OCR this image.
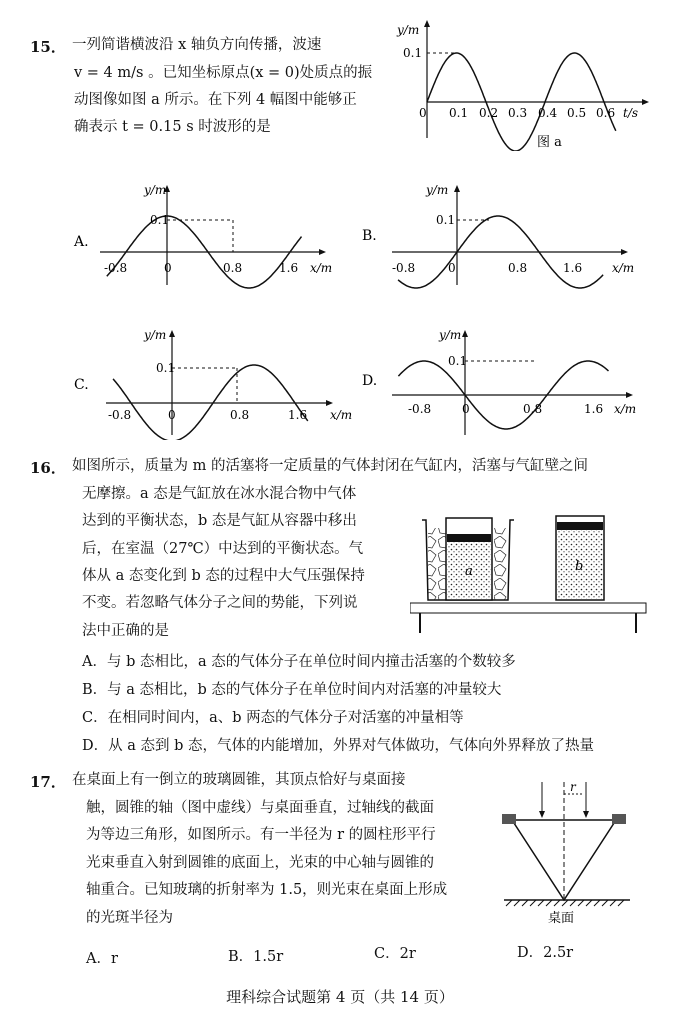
15． 一列简谐横波沿 x 轴负方向传播，波速
v = 4 m/s 。已知坐标原点(x = 0)处质点的振
动图像如图 a 所示。在下列 4 幅图中能够正
确表示 t = 0.15 s 时波形的是
y/m
0.1
0 0.1 0.2 0.3 0.4 0.5 0.6 t/s
图 a
A.
y/m
0.1
-0.8	0	0.8	1.6 x/m
B.
y/m
0.1
-0.8	0	0.8	1.6 x/m
C.
y/m
0.1
-0.8	0	0.8	1.6 x/m
D.
y/m
0.1
-0.8	0	0.8	1.6 x/m
16． 如图所示，质量为 m 的活塞将一定质量的气体封闭在气缸内，活塞与气缸壁之间
无摩擦。a 态是气缸放在冰水混合物中气体
达到的平衡状态，b 态是气缸从容器中移出
后，在室温（27℃）中达到的平衡状态。气
体从 a 态变化到 b 态的过程中大气压强保持
不变。若忽略气体分子之间的势能，下列说
法中正确的是
a	b
A．与 b 态相比，a 态的气体分子在单位时间内撞击活塞的个数较多
B．与 a 态相比，b 态的气体分子在单位时间内对活塞的冲量较大
C．在相同时间内，a、b 两态的气体分子对活塞的冲量相等
D．从 a 态到 b 态，气体的内能增加，外界对气体做功，气体向外界释放了热量
17． 在桌面上有一倒立的玻璃圆锥，其顶点恰好与桌面接
触，圆锥的轴（图中虚线）与桌面垂直，过轴线的截面
为等边三角形，如图所示。有一半径为 r 的圆柱形平行
光束垂直入射到圆锥的底面上，光束的中心轴与圆锥的
轴重合。已知玻璃的折射率为 1.5，则光束在桌面上形成
的光斑半径为
r
桌面
A．r	B．1.5r	C．2r	D．2.5r
理科综合试题第 4 页（共 14 页）
